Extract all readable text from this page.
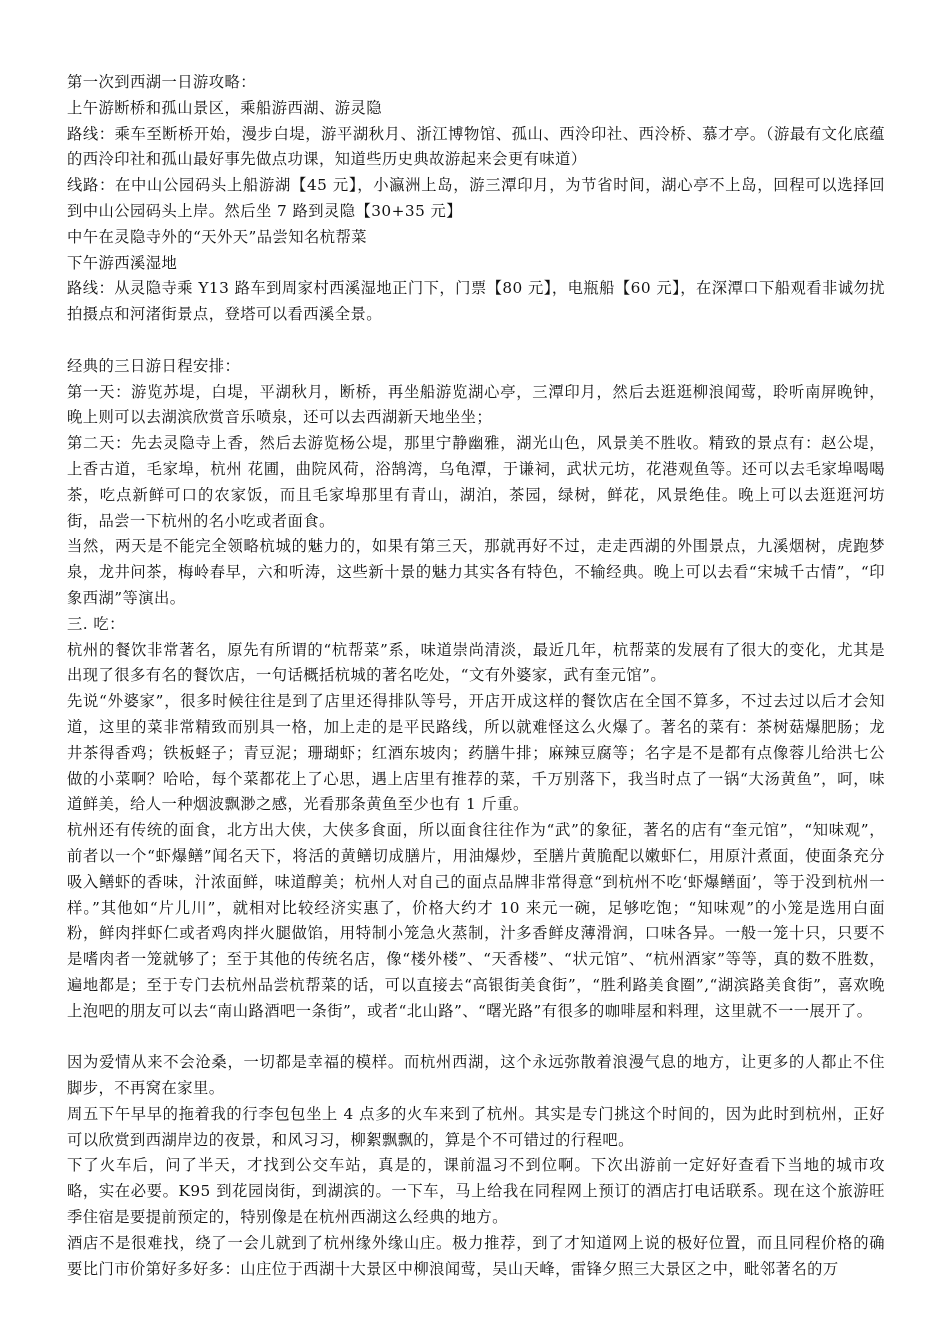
第一次到西湖一日游攻略：

上午游断桥和孤山景区，乘船游西湖、游灵隐

路线：乘车至断桥开始，漫步白堤，游平湖秋月、浙江博物馆、孤山、西泠印社、西泠桥、慕才亭。（游最有文化底蕴的西泠印社和孤山最好事先做点功课，知道些历史典故游起来会更有味道）

线路：在中山公园码头上船游湖【45 元】，小瀛洲上岛，游三潭印月，为节省时间，湖心亭不上岛，回程可以选择回到中山公园码头上岸。然后坐 7 路到灵隐【30+35 元】

中午在灵隐寺外的“天外天”品尝知名杭帮菜

下午游西溪湿地

路线：从灵隐寺乘 Y13 路车到周家村西溪湿地正门下，门票【80 元】，电瓶船【60 元】，在深潭口下船观看非诚勿扰拍摄点和河渚街景点，登塔可以看西溪全景。

经典的三日游日程安排：

第一天：游览苏堤，白堤，平湖秋月，断桥，再坐船游览湖心亭，三潭印月，然后去逛逛柳浪闻莺，聆听南屏晚钟，晚上则可以去湖滨欣赏音乐喷泉，还可以去西湖新天地坐坐；

第二天：先去灵隐寺上香，然后去游览杨公堤，那里宁静幽雅，湖光山色，风景美不胜收。精致的景点有：赵公堤，上香古道，毛家埠，杭州 花圃，曲院风荷，浴鹄湾，乌龟潭，于谦祠，武状元坊，花港观鱼等。还可以去毛家埠喝喝茶，吃点新鲜可口的农家饭，而且毛家埠那里有青山，湖泊，茶园，绿树，鲜花，风景绝佳。晚上可以去逛逛河坊街，品尝一下杭州的名小吃或者面食。

当然，两天是不能完全领略杭城的魅力的，如果有第三天，那就再好不过，走走西湖的外围景点，九溪烟树，虎跑梦泉，龙井问茶，梅岭春早，六和听涛，这些新十景的魅力其实各有特色，不输经典。晚上可以去看“宋城千古情”，“印象西湖”等演出。

三. 吃：

杭州的餐饮非常著名，原先有所谓的“杭帮菜”系，味道崇尚清淡，最近几年，杭帮菜的发展有了很大的变化，尤其是出现了很多有名的餐饮店，一句话概括杭城的著名吃处，“文有外婆家，武有奎元馆”。

先说“外婆家”，很多时候往往是到了店里还得排队等号，开店开成这样的餐饮店在全国不算多，不过去过以后才会知道，这里的菜非常精致而别具一格，加上走的是平民路线，所以就难怪这么火爆了。著名的菜有：茶树菇爆肥肠；龙井茶得香鸡；铁板蛏子；青豆泥；珊瑚虾；红酒东坡肉；药膳牛排；麻辣豆腐等；名字是不是都有点像蓉儿给洪七公做的小菜啊？哈哈，每个菜都花上了心思，遇上店里有推荐的菜，千万别落下，我当时点了一锅“大汤黄鱼”，呵，味道鲜美，给人一种烟波飘渺之感，光看那条黄鱼至少也有 1 斤重。

杭州还有传统的面食，北方出大侠，大侠多食面，所以面食往往作为“武”的象征，著名的店有“奎元馆”，“知味观”，前者以一个“虾爆鳝”闻名天下，将活的黄鳝切成膳片，用油爆炒，至膳片黄脆配以嫩虾仁，用原汁煮面，使面条充分吸入鳝虾的香味，汁浓面鲜，味道醇美；杭州人对自己的面点品牌非常得意“到杭州不吃‘虾爆鳝面’，等于没到杭州一样。”其他如“片儿川”，就相对比较经济实惠了，价格大约才 10 来元一碗，足够吃饱；“知味观”的小笼是选用白面粉，鲜肉拌虾仁或者鸡肉拌火腿做馅，用特制小笼急火蒸制，汁多香鲜皮薄滑润，口味各异。一般一笼十只，只要不是嗜肉者一笼就够了；至于其他的传统名店，像“楼外楼”、“天香楼”、“状元馆”、“杭州酒家”等等，真的数不胜数，遍地都是；至于专门去杭州品尝杭帮菜的话，可以直接去“高银街美食街”，“胜利路美食圈”,“湖滨路美食街”，喜欢晚上泡吧的朋友可以去“南山路酒吧一条街”，或者“北山路”、“曙光路”有很多的咖啡屋和料理，这里就不一一展开了。

因为爱情从来不会沧桑，一切都是幸福的模样。而杭州西湖，这个永远弥散着浪漫气息的地方，让更多的人都止不住脚步，不再窝在家里。

周五下午早早的拖着我的行李包包坐上 4 点多的火车来到了杭州。其实是专门挑这个时间的，因为此时到杭州，正好可以欣赏到西湖岸边的夜景，和风习习，柳絮飘飘的，算是个不可错过的行程吧。

下了火车后，问了半天，才找到公交车站，真是的，课前温习不到位啊。下次出游前一定好好查看下当地的城市攻略，实在必要。K95 到花园岗街，到湖滨的。一下车，马上给我在同程网上预订的酒店打电话联系。现在这个旅游旺季住宿是要提前预定的，特别像是在杭州西湖这么经典的地方。

酒店不是很难找，绕了一会儿就到了杭州缘外缘山庄。极力推荐，到了才知道网上说的极好位置，而且同程价格的确要比门市价第好多好多：山庄位于西湖十大景区中柳浪闻莺，吴山天峰，雷锋夕照三大景区之中，毗邻著名的万
